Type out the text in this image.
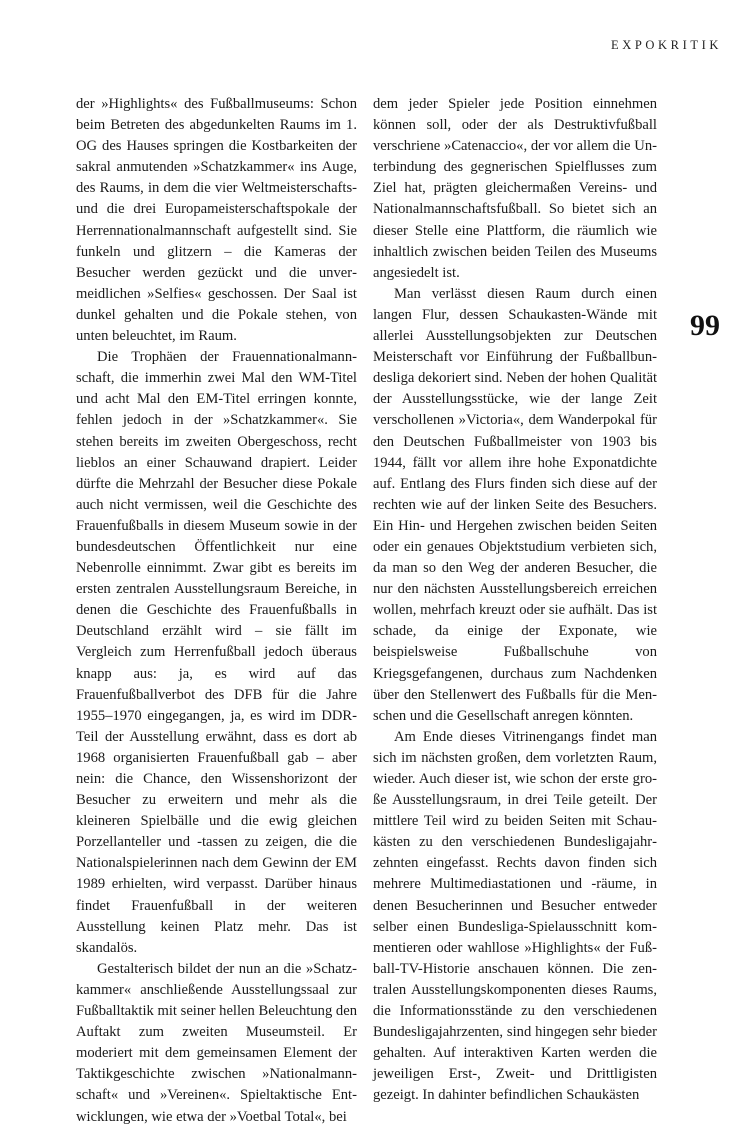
EXPOKRITIK
99

der »Highlights« des Fußballmuseums: Schon beim Betreten des abgedunkelten Raums im 1. OG des Hauses springen die Kostbarkeiten der sakral anmutenden »Schatzkammer« ins Auge, des Raums, in dem die vier Weltmeisterschafts- und die drei Europameisterschaftspokale der Herrennationalmannschaft aufgestellt sind. Sie funkeln und glitzern – die Kameras der Besucher werden gezückt und die unvermeidlichen »Selfies« geschossen. Der Saal ist dunkel gehalten und die Pokale stehen, von unten beleuchtet, im Raum.

Die Trophäen der Frauennationalmannschaft, die immerhin zwei Mal den WM-Titel und acht Mal den EM-Titel erringen konnte, fehlen jedoch in der »Schatzkammer«. Sie stehen bereits im zweiten Obergeschoss, recht lieblos an einer Schauwand drapiert. Leider dürfte die Mehrzahl der Besucher diese Pokale auch nicht vermissen, weil die Geschichte des Frauenfußballs in diesem Museum sowie in der bundesdeutschen Öffentlichkeit nur eine Nebenrolle einnimmt. Zwar gibt es bereits im ersten zentralen Ausstellungsraum Bereiche, in denen die Geschichte des Frauenfußballs in Deutschland erzählt wird – sie fällt im Vergleich zum Herrenfußball jedoch überaus knapp aus: ja, es wird auf das Frauenfußballverbot des DFB für die Jahre 1955–1970 eingegangen, ja, es wird im DDR-Teil der Ausstellung erwähnt, dass es dort ab 1968 organisierten Frauenfußball gab – aber nein: die Chance, den Wissenshorizont der Besucher zu erweitern und mehr als die kleineren Spielbälle und die ewig gleichen Porzellanteller und -tassen zu zeigen, die die Nationalspielerinnen nach dem Gewinn der EM 1989 erhielten, wird verpasst. Darüber hinaus findet Frauenfußball in der weiteren Ausstellung keinen Platz mehr. Das ist skandalös.

Gestalterisch bildet der nun an die »Schatzkammer« anschließende Ausstellungssaal zur Fußballtaktik mit seiner hellen Beleuchtung den Auftakt zum zweiten Museumsteil. Er moderiert mit dem gemeinsamen Element der Taktikgeschichte zwischen »Nationalmannschaft« und »Vereinen«. Spieltaktische Entwicklungen, wie etwa der »Voetbal Total«, bei

dem jeder Spieler jede Position einnehmen können soll, oder der als Destruktivfußball verschriene »Catenaccio«, der vor allem die Unterbindung des gegnerischen Spielflusses zum Ziel hat, prägten gleichermaßen Vereins- und Nationalmannschaftsfußball. So bietet sich an dieser Stelle eine Plattform, die räumlich wie inhaltlich zwischen beiden Teilen des Museums angesiedelt ist.

Man verlässt diesen Raum durch einen langen Flur, dessen Schaukasten-Wände mit allerlei Ausstellungsobjekten zur Deutschen Meisterschaft vor Einführung der Fußballbundesliga dekoriert sind. Neben der hohen Qualität der Ausstellungsstücke, wie der lange Zeit verschollenen »Victoria«, dem Wanderpokal für den Deutschen Fußballmeister von 1903 bis 1944, fällt vor allem ihre hohe Exponatdichte auf. Entlang des Flurs finden sich diese auf der rechten wie auf der linken Seite des Besuchers. Ein Hin- und Hergehen zwischen beiden Seiten oder ein genaues Objektstudium verbieten sich, da man so den Weg der anderen Besucher, die nur den nächsten Ausstellungsbereich erreichen wollen, mehrfach kreuzt oder sie aufhält. Das ist schade, da einige der Exponate, wie beispielsweise Fußballschuhe von Kriegsgefangenen, durchaus zum Nachdenken über den Stellenwert des Fußballs für die Menschen und die Gesellschaft anregen könnten.

Am Ende dieses Vitrinengangs findet man sich im nächsten großen, dem vorletzten Raum, wieder. Auch dieser ist, wie schon der erste große Ausstellungsraum, in drei Teile geteilt. Der mittlere Teil wird zu beiden Seiten mit Schaukästen zu den verschiedenen Bundesligajahrzehnten eingefasst. Rechts davon finden sich mehrere Multimediastationen und -räume, in denen Besucherinnen und Besucher entweder selber einen Bundesliga-Spielausschnitt kommentieren oder wahllose »Highlights« der Fußball-TV-Historie anschauen können. Die zentralen Ausstellungskomponenten dieses Raums, die Informationsstände zu den verschiedenen Bundesligajahrzenten, sind hingegen sehr bieder gehalten. Auf interaktiven Karten werden die jeweiligen Erst-, Zweit- und Drittligisten gezeigt. In dahinter befindlichen Schaukästen
